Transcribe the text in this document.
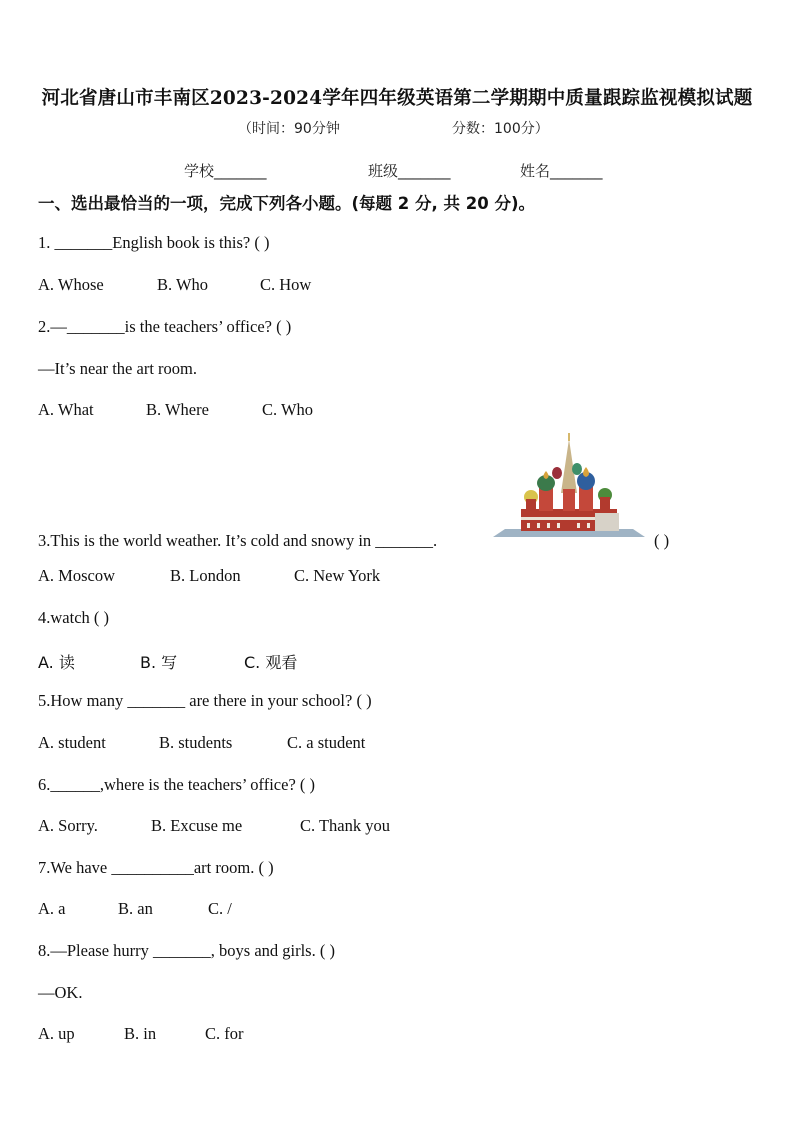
河北省唐山市丰南区2023-2024学年四年级英语第二学期期中质量跟踪监视模拟试题
（时间：90分钟	分数：100分）
学校_______	班级_______	姓名_______
一、选出最恰当的一项，完成下列各小题。(每题 2 分, 共 20 分)。
1. _______English book is this? ( )
A. Whose	B. Who	C. How
2.—_______is the teachers’ office? ( )
—It’s near the art room.
A. What	B. Where	C. Who
3.This is the world weather. It’s cold and snowy in _______.	( )
A. Moscow	B. London	C. New York
4.watch ( )
A. 读	B. 写	C. 观看
5.How many _______ are there in your school? ( )
A. student	B. students	C. a student
6.______,where is the teachers’ office? ( )
A. Sorry.	B. Excuse me	C. Thank you
7.We have __________art room. ( )
A. a	B. an	C. /
8.—Please hurry _______, boys and girls. ( )
—OK.
A. up	B. in	C. for
